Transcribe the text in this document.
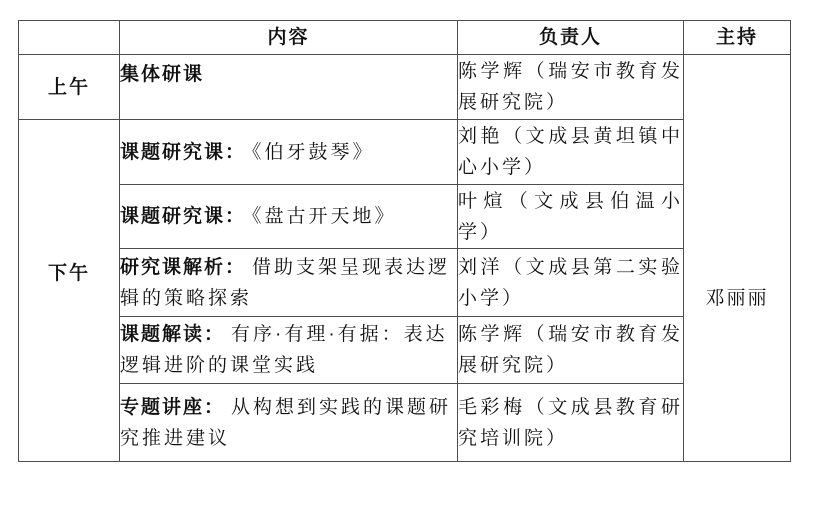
	内容	负责人	主持
上午	集体研课	陈学辉（瑞安市教育发展研究院）	邓丽丽

下午	课题研究课： 《伯牙鼓琴》	刘艳（文成县黄坦镇中心小学）	
	课题研究课： 《盘古开天地》	叶煊（文成县伯温小学）	
	研究课解析： 借助支架呈现表达逻辑的策略探索	刘洋（文成县第二实验小学）	
	课题解读： 有序·有理·有据：表达逻辑进阶的课堂实践	陈学辉（瑞安市教育发展研究院）	
	专题讲座： 从构想到实践的课题研究推进建议	毛彩梅（文成县教育研究培训院）	
